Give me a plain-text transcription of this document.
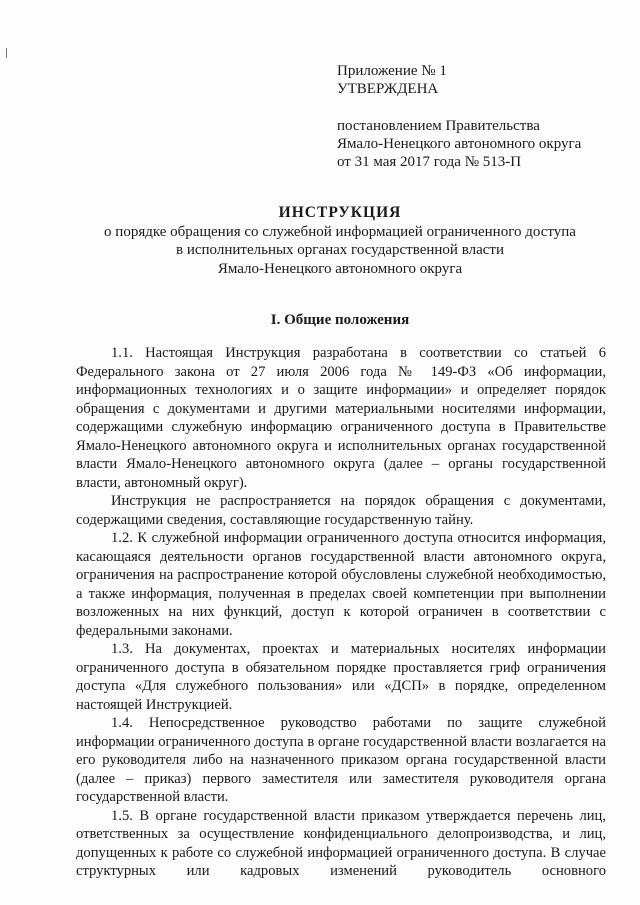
Приложение № 1
УТВЕРЖДЕНА
постановлением Правительства
Ямало-Ненецкого автономного округа
от 31 мая 2017 года № 513-П
ИНСТРУКЦИЯ
о порядке обращения со служебной информацией ограниченного доступа
в исполнительных органах государственной власти
Ямало-Ненецкого автономного округа
I. Общие положения

1.1. Настоящая Инструкция разработана в соответствии со статьей 6 Федерального закона от 27 июля 2006 года № 149-ФЗ «Об информации, информационных технологиях и о защите информации» и определяет порядок обращения с документами и другими материальными носителями информации, содержащими служебную информацию ограниченного доступа в Правительстве Ямало-Ненецкого автономного округа и исполнительных органах государственной власти Ямало-Ненецкого автономного округа (далее – органы государственной власти, автономный округ).

Инструкция не распространяется на порядок обращения с документами, содержащими сведения, составляющие государственную тайну.

1.2. К служебной информации ограниченного доступа относится информация, касающаяся деятельности органов государственной власти автономного округа, ограничения на распространение которой обусловлены служебной необходимостью, а также информация, полученная в пределах своей компетенции при выполнении возложенных на них функций, доступ к которой ограничен в соответствии с федеральными законами.

1.3. На документах, проектах и материальных носителях информации ограниченного доступа в обязательном порядке проставляется гриф ограничения доступа «Для служебного пользования» или «ДСП» в порядке, определенном настоящей Инструкцией.

1.4. Непосредственное руководство работами по защите служебной информации ограниченного доступа в органе государственной власти возлагается на его руководителя либо на назначенного приказом органа государственной власти (далее – приказ) первого заместителя или заместителя руководителя органа государственной власти.

1.5. В органе государственной власти приказом утверждается перечень лиц, ответственных за осуществление конфиденциального делопроизводства, и лиц, допущенных к работе со служебной информацией ограниченного доступа. В случае структурных или кадровых изменений руководитель основного
